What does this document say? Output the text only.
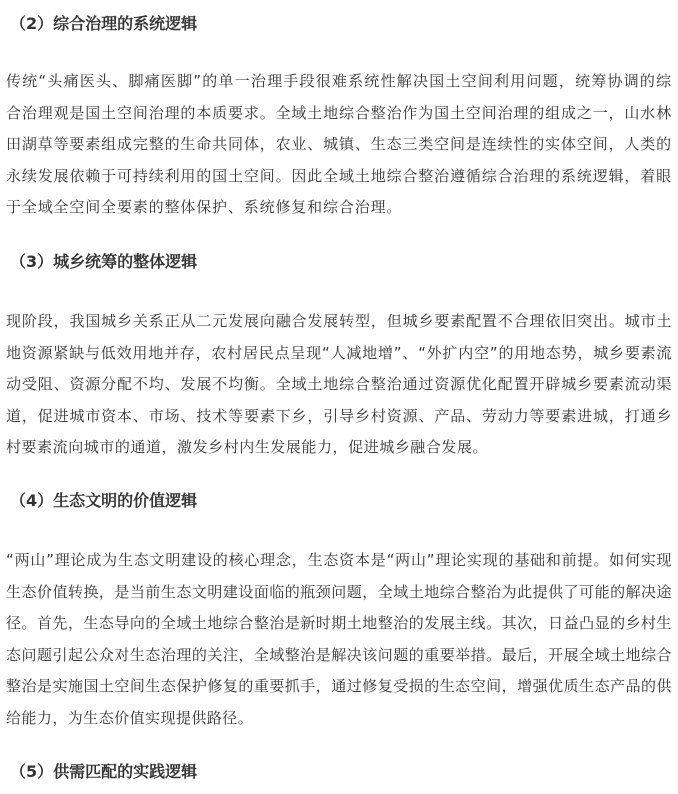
（2）综合治理的系统逻辑

传统“头痛医头、脚痛医脚”的单一治理手段很难系统性解决国土空间利用问题，统筹协调的综合治理观是国土空间治理的本质要求。全域土地综合整治作为国土空间治理的组成之一，山水林田湖草等要素组成完整的生命共同体，农业、城镇、生态三类空间是连续性的实体空间，人类的永续发展依赖于可持续利用的国土空间。因此全域土地综合整治遵循综合治理的系统逻辑，着眼于全域全空间全要素的整体保护、系统修复和综合治理。

（3）城乡统筹的整体逻辑

现阶段，我国城乡关系正从二元发展向融合发展转型，但城乡要素配置不合理依旧突出。城市土地资源紧缺与低效用地并存，农村居民点呈现“人减地增”、“外扩内空”的用地态势，城乡要素流动受阻、资源分配不均、发展不均衡。全域土地综合整治通过资源优化配置开辟城乡要素流动渠道，促进城市资本、市场、技术等要素下乡，引导乡村资源、产品、劳动力等要素进城，打通乡村要素流向城市的通道，激发乡村内生发展能力，促进城乡融合发展。

（4）生态文明的价值逻辑

“两山”理论成为生态文明建设的核心理念，生态资本是“两山”理论实现的基础和前提。如何实现生态价值转换，是当前生态文明建设面临的瓶颈问题，全域土地综合整治为此提供了可能的解决途径。首先，生态导向的全域土地综合整治是新时期土地整治的发展主线。其次，日益凸显的乡村生态问题引起公众对生态治理的关注，全域整治是解决该问题的重要举措。最后，开展全域土地综合整治是实施国土空间生态保护修复的重要抓手，通过修复受损的生态空间，增强优质生态产品的供给能力，为生态价值实现提供路径。

（5）供需匹配的实践逻辑
